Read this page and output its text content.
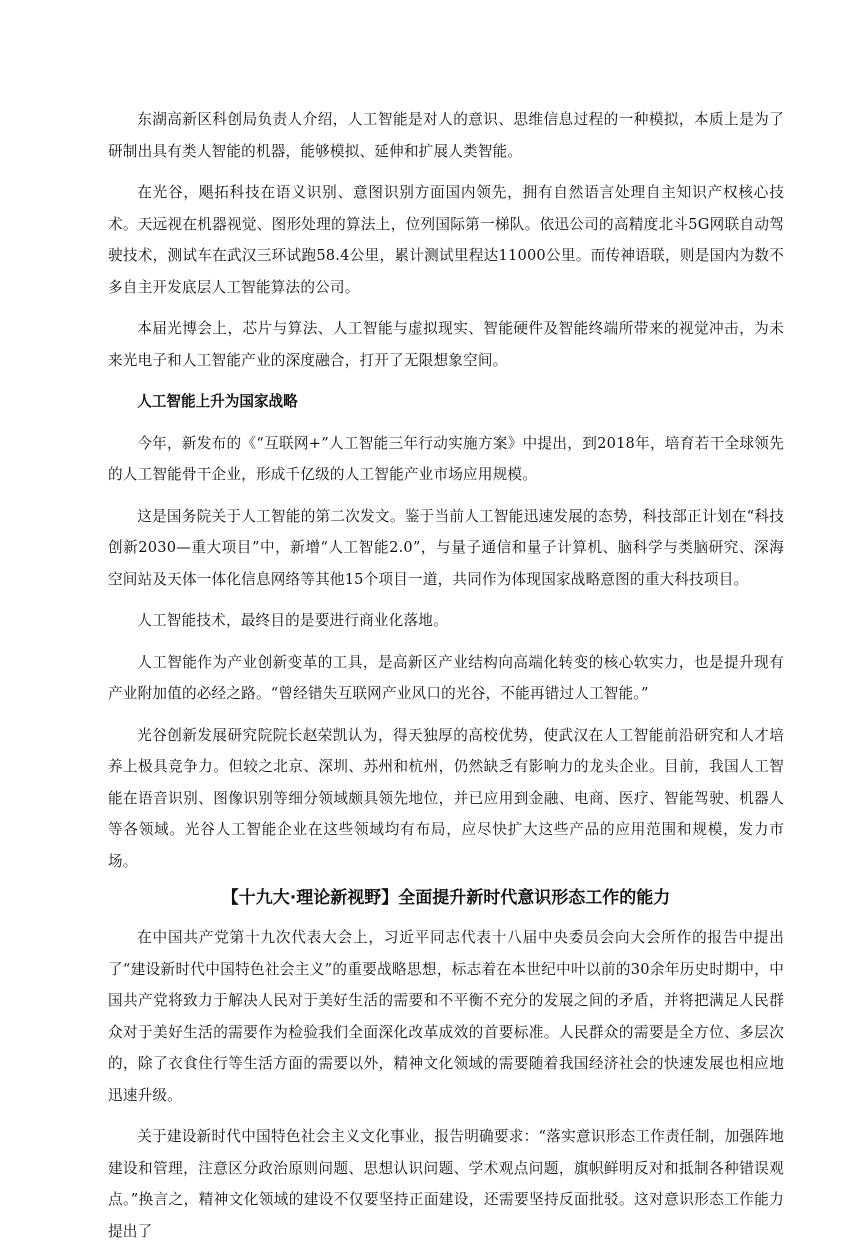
东湖高新区科创局负责人介绍，人工智能是对人的意识、思维信息过程的一种模拟，本质上是为了研制出具有类人智能的机器，能够模拟、延伸和扩展人类智能。

在光谷，飓拓科技在语义识别、意图识别方面国内领先，拥有自然语言处理自主知识产权核心技术。天远视在机器视觉、图形处理的算法上，位列国际第一梯队。依迅公司的高精度北斗5G网联自动驾驶技术，测试车在武汉三环试跑58.4公里，累计测试里程达11000公里。而传神语联，则是国内为数不多自主开发底层人工智能算法的公司。

本届光博会上，芯片与算法、人工智能与虚拟现实、智能硬件及智能终端所带来的视觉冲击，为未来光电子和人工智能产业的深度融合，打开了无限想象空间。

人工智能上升为国家战略

今年，新发布的《“互联网+”人工智能三年行动实施方案》中提出，到2018年，培育若干全球领先的人工智能骨干企业，形成千亿级的人工智能产业市场应用规模。

这是国务院关于人工智能的第二次发文。鉴于当前人工智能迅速发展的态势，科技部正计划在“科技创新2030—重大项目”中，新增“人工智能2.0”，与量子通信和量子计算机、脑科学与类脑研究、深海空间站及天体一体化信息网络等其他15个项目一道，共同作为体现国家战略意图的重大科技项目。

人工智能技术，最终目的是要进行商业化落地。

人工智能作为产业创新变革的工具，是高新区产业结构向高端化转变的核心软实力，也是提升现有产业附加值的必经之路。“曾经错失互联网产业风口的光谷，不能再错过人工智能。”

光谷创新发展研究院院长赵荣凯认为，得天独厚的高校优势，使武汉在人工智能前沿研究和人才培养上极具竞争力。但较之北京、深圳、苏州和杭州，仍然缺乏有影响力的龙头企业。目前，我国人工智能在语音识别、图像识别等细分领域颇具领先地位，并已应用到金融、电商、医疗、智能驾驶、机器人等各领域。光谷人工智能企业在这些领域均有布局，应尽快扩大这些产品的应用范围和规模，发力市场。

【十九大·理论新视野】全面提升新时代意识形态工作的能力

在中国共产党第十九次代表大会上，习近平同志代表十八届中央委员会向大会所作的报告中提出了“建设新时代中国特色社会主义”的重要战略思想，标志着在本世纪中叶以前的30余年历史时期中，中国共产党将致力于解决人民对于美好生活的需要和不平衡不充分的发展之间的矛盾，并将把满足人民群众对于美好生活的需要作为检验我们全面深化改革成效的首要标准。人民群众的需要是全方位、多层次的，除了衣食住行等生活方面的需要以外，精神文化领域的需要随着我国经济社会的快速发展也相应地迅速升级。

关于建设新时代中国特色社会主义文化事业，报告明确要求：“落实意识形态工作责任制，加强阵地建设和管理，注意区分政治原则问题、思想认识问题、学术观点问题，旗帜鲜明反对和抵制各种错误观点。”换言之，精神文化领域的建设不仅要坚持正面建设，还需要坚持反面批驳。这对意识形态工作能力提出了
